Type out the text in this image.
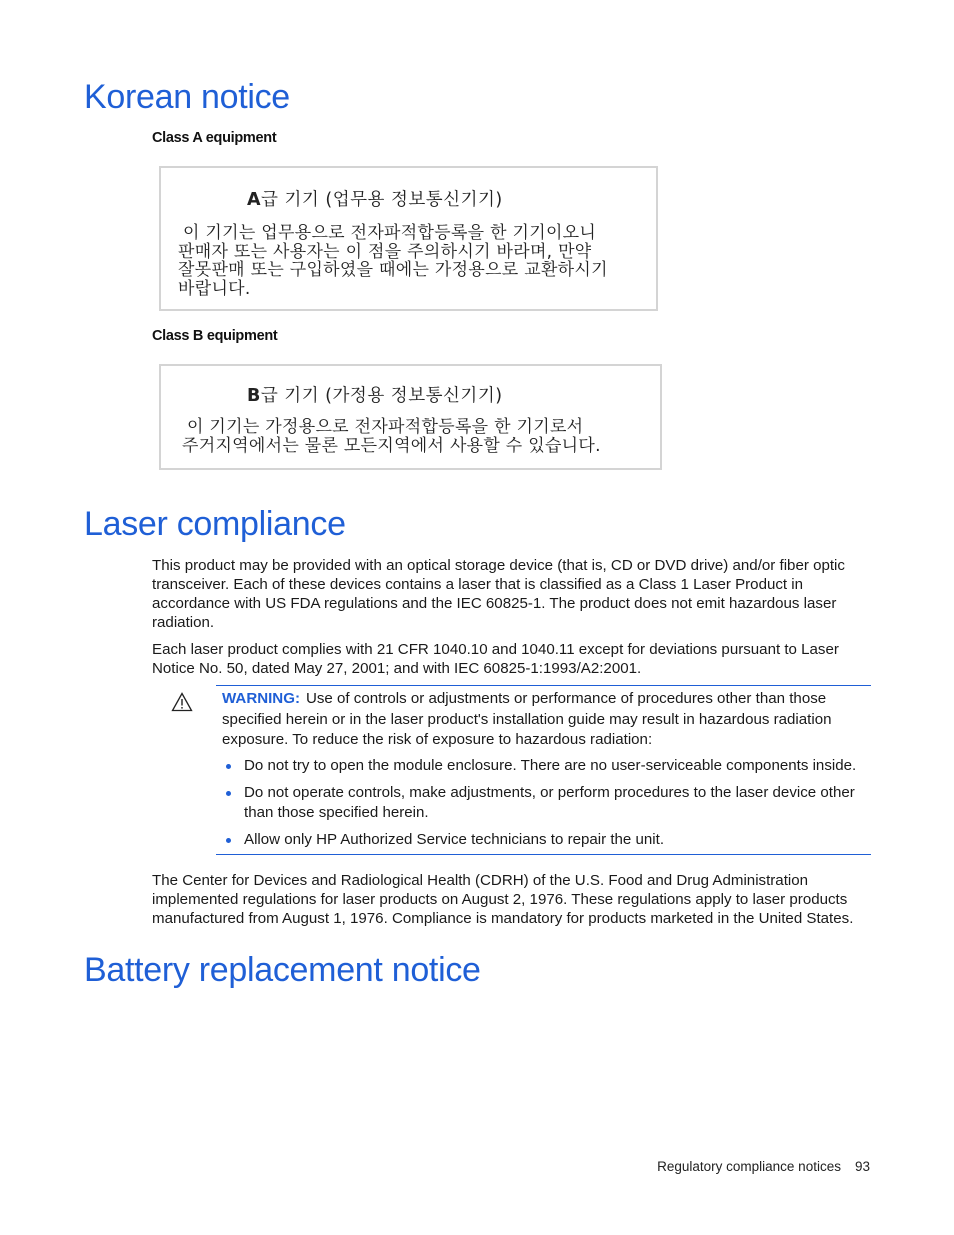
Korean notice

Class A equipment

A급 기기 (업무용 정보통신기기)
이 기기는 업무용으로 전자파적합등록을 한 기기이오니
판매자 또는 사용자는 이 점을 주의하시기 바라며, 만약
잘못판매 또는 구입하였을 때에는 가정용으로 교환하시기
바랍니다.

Class B equipment

B급 기기 (가정용 정보통신기기)
이 기기는 가정용으로 전자파적합등록을 한 기기로서
주거지역에서는 물론 모든지역에서 사용할 수 있습니다.
Laser compliance

This product may be provided with an optical storage device (that is, CD or DVD drive) and/or fiber optic transceiver. Each of these devices contains a laser that is classified as a Class 1 Laser Product in accordance with US FDA regulations and the IEC 60825-1. The product does not emit hazardous laser radiation.

Each laser product complies with 21 CFR 1040.10 and 1040.11 except for deviations pursuant to Laser Notice No. 50, dated May 27, 2001; and with IEC 60825-1:1993/A2:2001.

WARNING: Use of controls or adjustments or performance of procedures other than those specified herein or in the laser product's installation guide may result in hazardous radiation exposure. To reduce the risk of exposure to hazardous radiation:

Do not try to open the module enclosure. There are no user-serviceable components inside.
Do not operate controls, make adjustments, or perform procedures to the laser device other than those specified herein.
Allow only HP Authorized Service technicians to repair the unit.

The Center for Devices and Radiological Health (CDRH) of the U.S. Food and Drug Administration implemented regulations for laser products on August 2, 1976. These regulations apply to laser products manufactured from August 1, 1976. Compliance is mandatory for products marketed in the United States.

Battery replacement notice
Regulatory compliance notices 93
